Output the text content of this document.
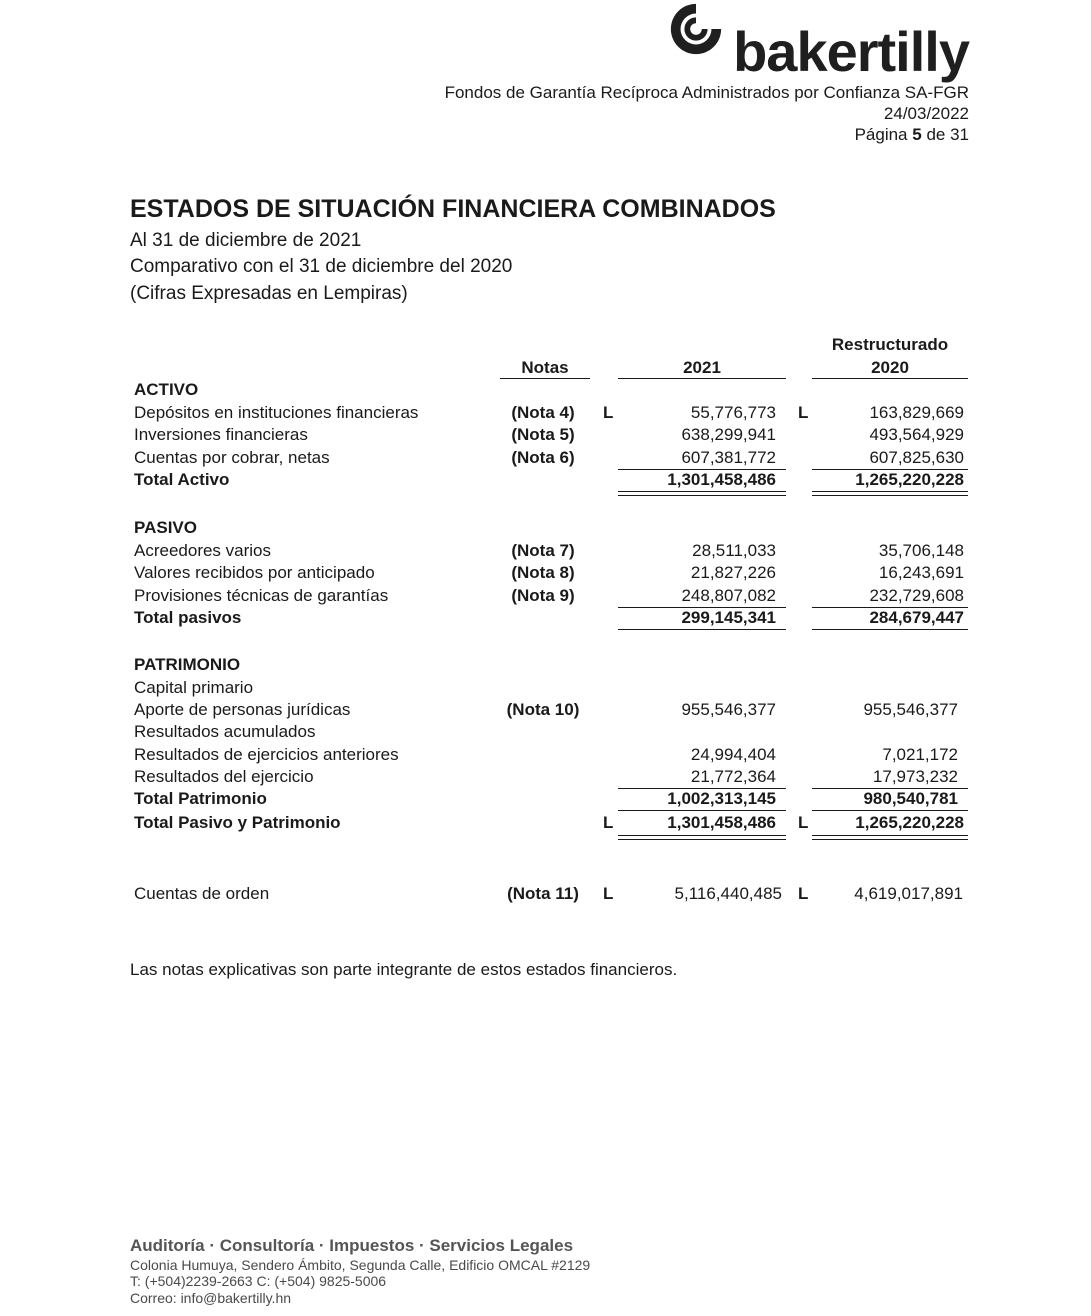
bakertilly
Fondos de Garantía Recíproca Administrados por Confianza SA-FGR
24/03/2022
Página 5 de 31
ESTADOS DE SITUACIÓN FINANCIERA COMBINADOS
Al 31 de diciembre de 2021
Comparativo con el 31 de diciembre del 2020
(Cifras Expresadas en Lempiras)
Restructurado
Notas	2021	2020
ACTIVO
Depósitos en instituciones financieras	(Nota 4)	L	55,776,773 L	163,829,669
Inversiones financieras	(Nota 5)	638,299,941	493,564,929
Cuentas por cobrar, netas	(Nota 6)	607,381,772	607,825,630
Total Activo	1,301,458,486	1,265,220,228
PASIVO
Acreedores varios	(Nota 7)	28,511,033	35,706,148
Valores recibidos por anticipado	(Nota 8)	21,827,226	16,243,691
Provisiones técnicas de garantías	(Nota 9)	248,807,082	232,729,608
Total pasivos	299,145,341	284,679,447
PATRIMONIO
Capital primario
Aporte de personas jurídicas	(Nota 10)	955,546,377	955,546,377
Resultados acumulados
Resultados de ejercicios anteriores	24,994,404	7,021,172
Resultados del ejercicio	21,772,364	17,973,232
Total Patrimonio	1,002,313,145	980,540,781
Total Pasivo y Patrimonio	L	1,301,458,486 L	1,265,220,228
Cuentas de orden	(Nota 11)	L	5,116,440,485 L	4,619,017,891
Las notas explicativas son parte integrante de estos estados financieros.
Auditoría · Consultoría · Impuestos · Servicios Legales
Colonia Humuya, Sendero Ámbito, Segunda Calle, Edificio OMCAL #2129
T: (+504)2239-2663 C: (+504) 9825-5006
Correo: info@bakertilly.hn
